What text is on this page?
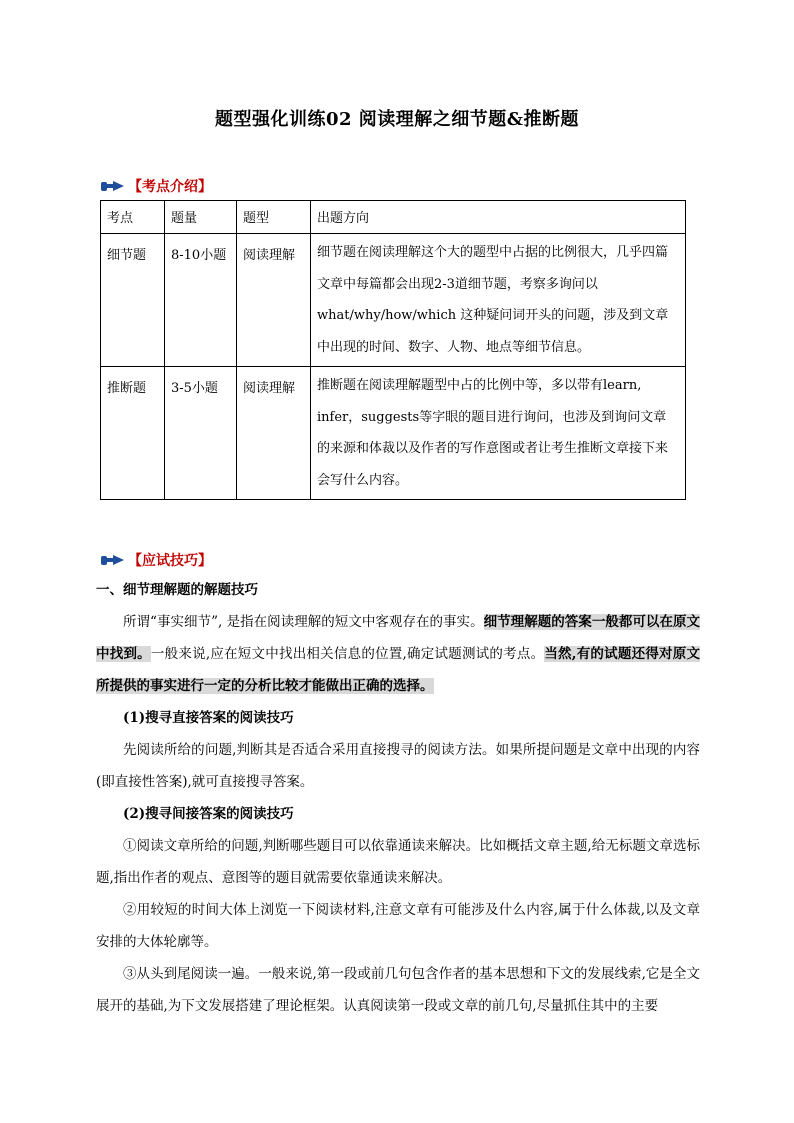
题型强化训练02 阅读理解之细节题&推断题
【考点介绍】
考点	题量	题型	出题方向
细节题	8-10小题	阅读理解	细节题在阅读理解这个大的题型中占据的比例很大，几乎四篇文章中每篇都会出现2-3道细节题，考察多询问以what/why/how/which 这种疑问词开头的问题，涉及到文章中出现的时间、数字、人物、地点等细节信息。
推断题	3-5小题	阅读理解	推断题在阅读理解题型中占的比例中等，多以带有learn, infer，suggests等字眼的题目进行询问，也涉及到询问文章的来源和体裁以及作者的写作意图或者让考生推断文章接下来会写什么内容。
【应试技巧】

一、细节理解题的解题技巧

所谓“事实细节”, 是指在阅读理解的短文中客观存在的事实。细节理解题的答案一般都可以在原文中找到。一般来说,应在短文中找出相关信息的位置,确定试题测试的考点。当然,有的试题还得对原文所提供的事实进行一定的分析比较才能做出正确的选择。

(1)搜寻直接答案的阅读技巧

先阅读所给的问题,判断其是否适合采用直接搜寻的阅读方法。如果所提问题是文章中出现的内容(即直接性答案),就可直接搜寻答案。

(2)搜寻间接答案的阅读技巧

①阅读文章所给的问题,判断哪些题目可以依靠通读来解决。比如概括文章主题,给无标题文章选标题,指出作者的观点、意图等的题目就需要依靠通读来解决。

②用较短的时间大体上浏览一下阅读材料,注意文章有可能涉及什么内容,属于什么体裁,以及文章安排的大体轮廓等。

③从头到尾阅读一遍。一般来说,第一段或前几句包含作者的基本思想和下文的发展线索,它是全文展开的基础,为下文发展搭建了理论框架。认真阅读第一段或文章的前几句,尽量抓住其中的主要
